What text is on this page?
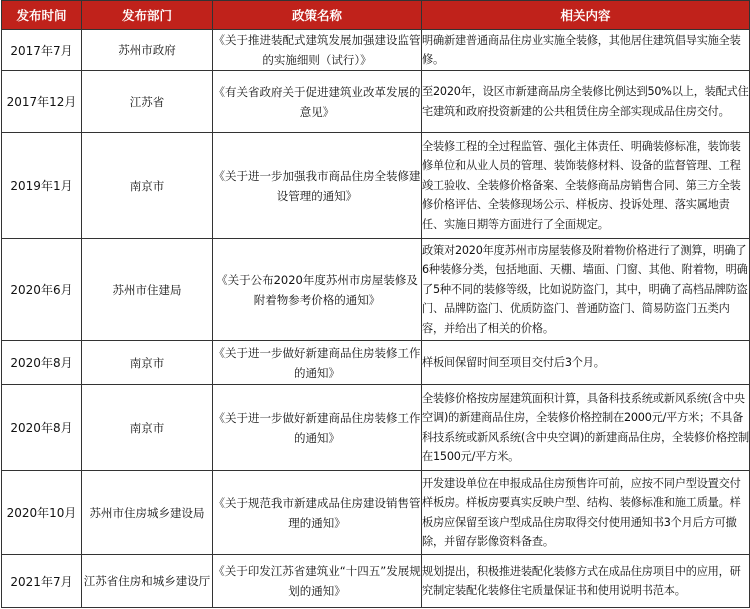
发布时间	发布部门	政策名称	相关内容
2017年7月	苏州市政府	《关于推进装配式建筑发展加强建设监管的实施细则（试行）》	明确新建普通商品住房业实施全装修，其他居住建筑倡导实施全装修。
2017年12月	江苏省	《有关省政府关于促进建筑业改革发展的意见》	至2020年，设区市新建商品房全装修比例达到50%以上，装配式住宅建筑和政府投资新建的公共租赁住房全部实现成品住房交付。
2019年1月	南京市	《关于进一步加强我市商品住房全装修建设管理的通知》	全装修工程的全过程监管、强化主体责任、明确装修标准，装饰装修单位和从业人员的管理、装饰装修材料、设备的监督管理、工程竣工验收、全装修价格备案、全装修商品房销售合同、第三方全装修价格评估、全装修现场公示、样板房、投诉处理、落实属地责任、实施日期等方面进行了全面规定。
2020年6月	苏州市住建局	《关于公布2020年度苏州市房屋装修及附着物参考价格的通知》	政策对2020年度苏州市房屋装修及附着物价格进行了测算，明确了6种装修分类，包括地面、天棚、墙面、门窗、其他、附着物，明确了5种不同的装修等级，比如说防盗门，其中，明确了高档品牌防盗门、品牌防盗门、优质防盗门、普通防盗门、简易防盗门五类内容，并给出了相关的价格。
2020年8月	南京市	《关于进一步做好新建商品住房装修工作的通知》	样板间保留时间至项目交付后3个月。
2020年8月	南京市	《关于进一步做好新建商品住房装修工作的通知》	全装修价格按房屋建筑面积计算，具备科技系统或新风系统(含中央空调)的新建商品住房，全装修价格控制在2000元/平方米；不具备科技系统或新风系统(含中央空调)的新建商品住房，全装修价格控制在1500元/平方米。
2020年10月	苏州市住房城乡建设局	《关于规范我市新建成品住房建设销售管理的通知》	开发建设单位在申报成品住房预售许可前，应按不同户型设置交付样板房。样板房要真实反映户型、结构、装修标准和施工质量。样板房应保留至该户型成品住房取得交付使用通知书3个月后方可撤除，并留存影像资料备查。
2021年7月	江苏省住房和城乡建设厅	《关于印发江苏省建筑业“十四五”发展规划的通知》	规划提出，积极推进装配化装修方式在成品住房项目中的应用，研究制定装配化装修住宅质量保证书和使用说明书范本。
